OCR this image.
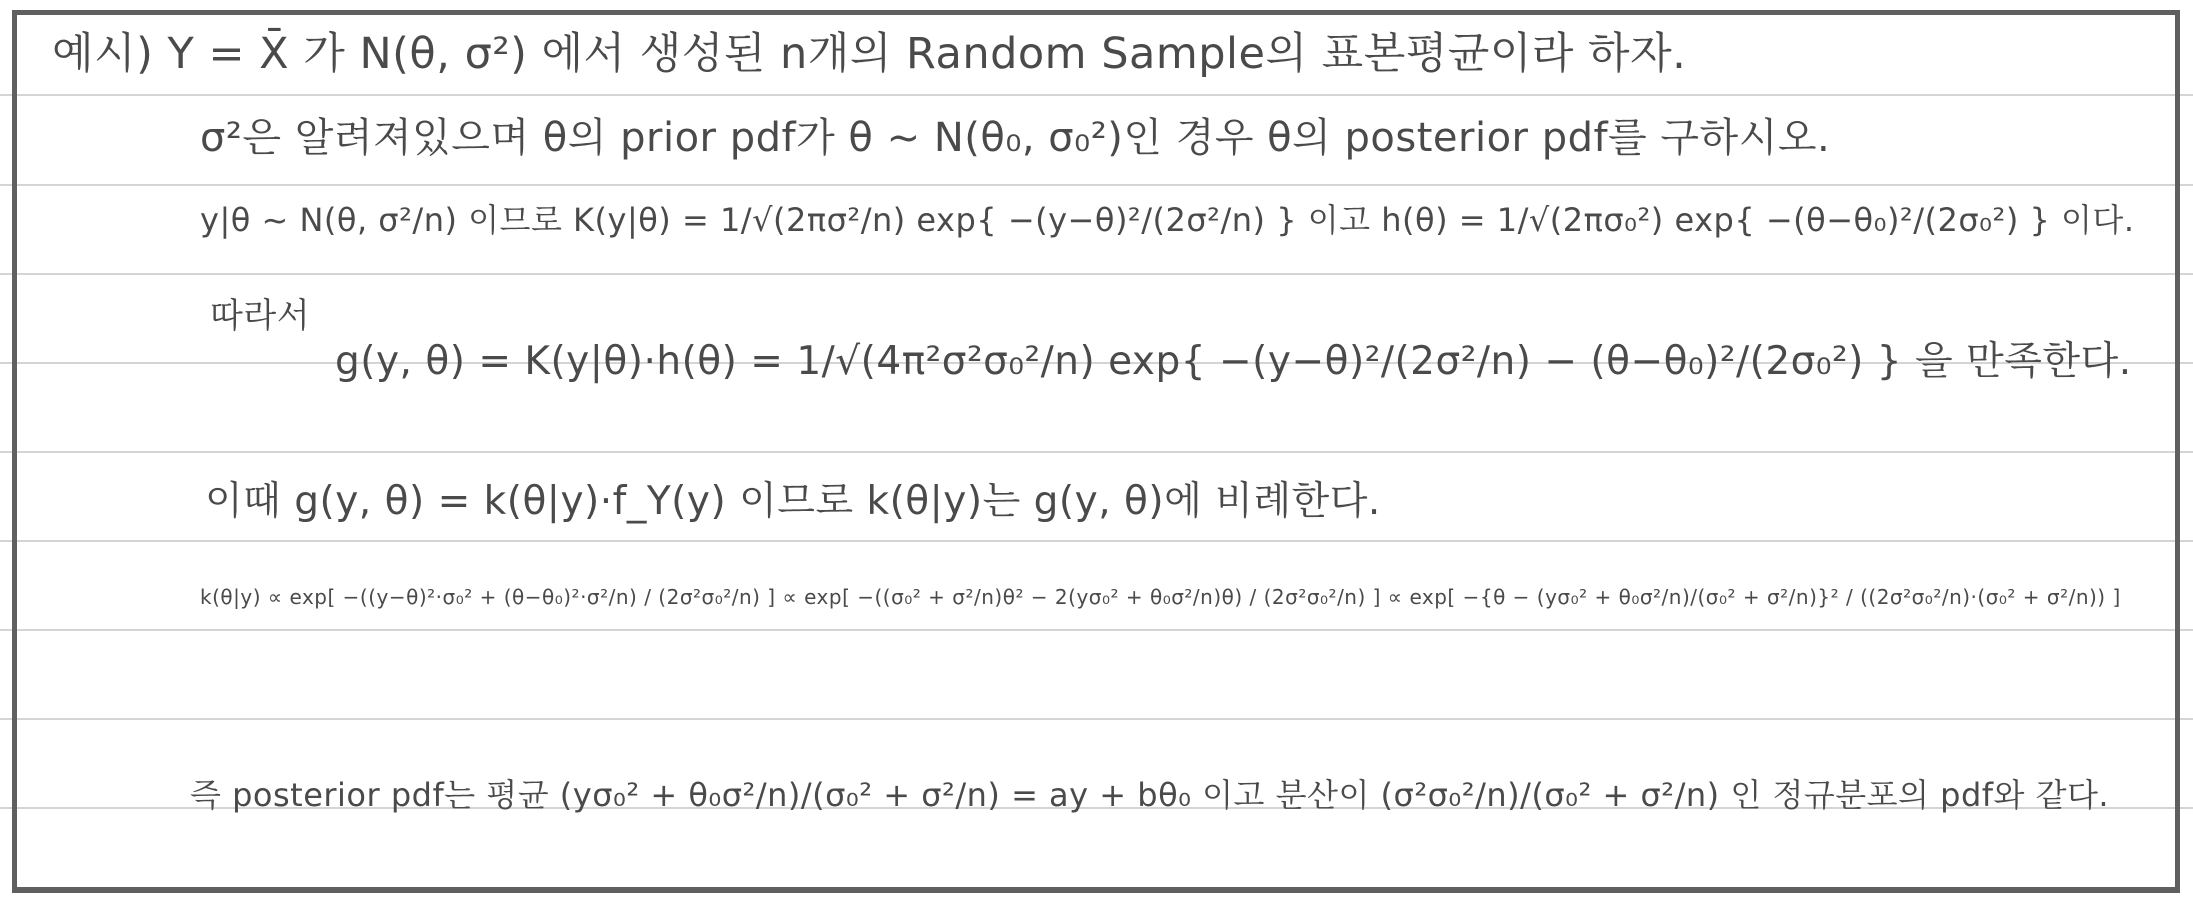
예시) Y = X̄ 가 N(θ, σ²) 에서 생성된 n개의 Random Sample의 표본평균이라 하자.
σ²은 알려져있으며 θ의 prior pdf가 θ ~ N(θ₀, σ₀²)인 경우 θ의 posterior pdf를 구하시오.
y|θ ~ N(θ, σ²/n) 이므로 K(y|θ) = 1/√(2πσ²/n) exp{ −(y−θ)²/(2σ²/n) } 이고 h(θ) = 1/√(2πσ₀²) exp{ −(θ−θ₀)²/(2σ₀²) } 이다.
따라서
g(y, θ) = K(y|θ)·h(θ) = 1/√(4π²σ²σ₀²/n) exp{ −(y−θ)²/(2σ²/n) − (θ−θ₀)²/(2σ₀²) } 을 만족한다.
이때 g(y, θ) = k(θ|y)·f_Y(y) 이므로 k(θ|y)는 g(y, θ)에 비례한다.
k(θ|y) ∝ exp[ −((y−θ)²·σ₀² + (θ−θ₀)²·σ²/n) / (2σ²σ₀²/n) ] ∝ exp[ −((σ₀² + σ²/n)θ² − 2(yσ₀² + θ₀σ²/n)θ) / (2σ²σ₀²/n) ] ∝ exp[ −{θ − (yσ₀² + θ₀σ²/n)/(σ₀² + σ²/n)}² / ((2σ²σ₀²/n)·(σ₀² + σ²/n)) ]
즉 posterior pdf는 평균 (yσ₀² + θ₀σ²/n)/(σ₀² + σ²/n) = ay + bθ₀ 이고 분산이 (σ²σ₀²/n)/(σ₀² + σ²/n) 인 정규분포의 pdf와 같다.
